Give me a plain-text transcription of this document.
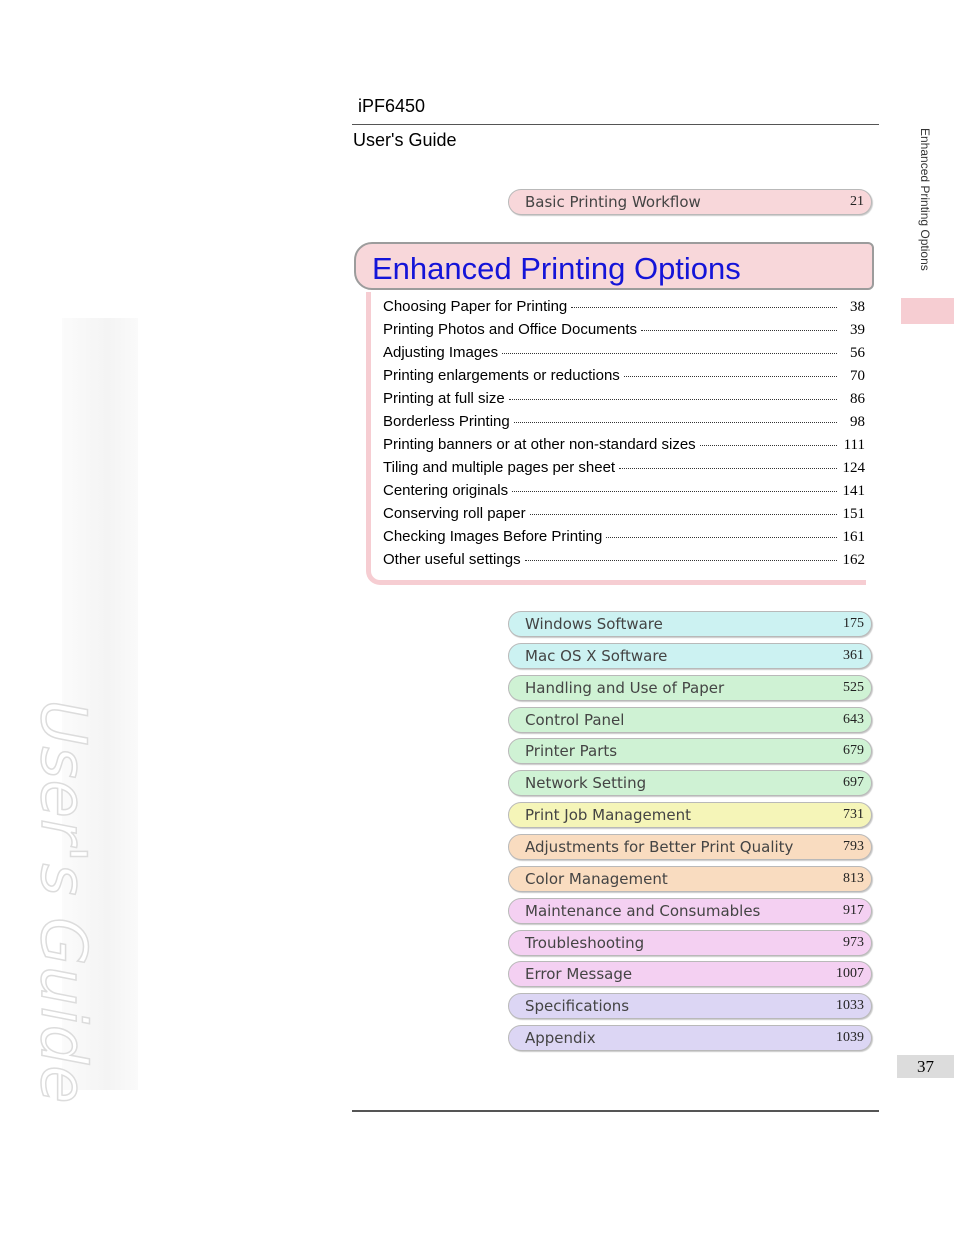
User's Guide
iPF6450
User's Guide	Enhanced Printing Options
Basic Printing Workflow	21
Enhanced Printing Options
Choosing Paper for Printing	38
Printing Photos and Office Documents	39
Adjusting Images	56
Printing enlargements or reductions	70
Printing at full size	86
Borderless Printing	98
Printing banners or at other non-standard sizes	111
Tiling and multiple pages per sheet	124
Centering originals	141
Conserving roll paper	151
Checking Images Before Printing	161
Other useful settings	162
Windows Software	175
Mac OS X Software	361
Handling and Use of Paper	525
Control Panel	643
Printer Parts	679
Network Setting	697
Print Job Management	731
Adjustments for Better Print Quality	793
Color Management	813
Maintenance and Consumables	917
Troubleshooting	973
Error Message	1007
Specifications	1033
Appendix	1039
37
